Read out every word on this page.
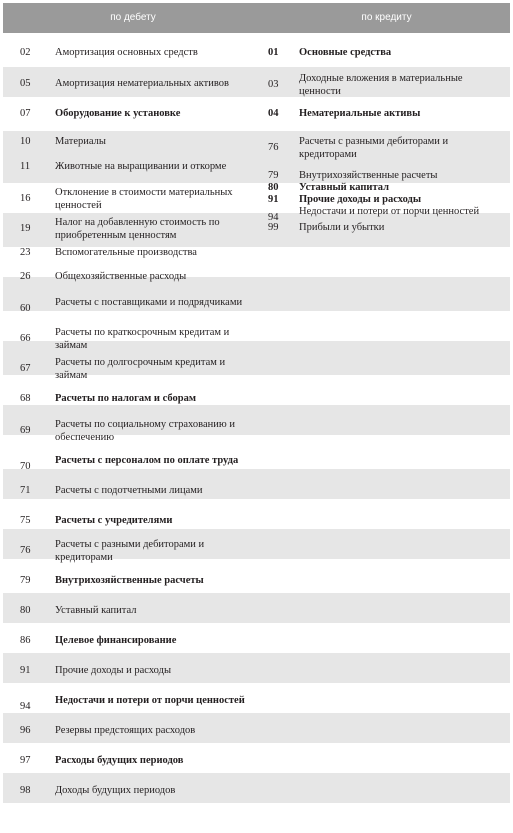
по дебету	по кредиту
02 Амортизация основных средств
05 Амортизация нематериальных активов
07 Оборудование к установке
10 Материалы
11 Животные на выращивании и откорме
16
Отклонение в стоимости материальных ценностей
19
Налог на добавленную стоимость по приобретенным ценностям
23 Вспомогательные производства
26 Общехозяйственные расходы
60
Расчеты с поставщиками и подрядчиками
66
Расчеты по краткосрочным кредитам и займам
67
Расчеты по долгосрочным кредитам и займам
68 Расчеты по налогам и сборам
69
Расчеты по социальному страхованию и обеспечению
70
Расчеты с персоналом по оплате труда
71 Расчеты с подотчетными лицами
75 Расчеты с учредителями
76
Расчеты с разными дебиторами и кредиторами
79 Внутрихозяйственные расчеты
80 Уставный капитал
86 Целевое финансирование
91 Прочие доходы и расходы
94
Недостачи и потери от порчи ценностей
96 Резервы предстоящих расходов
97 Расходы будущих периодов
98 Доходы будущих периодов
01 Основные средства
03
Доходные вложения в материальные ценности
04 Нематериальные активы
76
Расчеты с разными дебиторами и кредиторами
79 Внутрихозяйственные расчеты
80 Уставный капитал
91 Прочие доходы и расходы
94
Недостачи и потери от порчи ценностей
99 Прибыли и убытки
